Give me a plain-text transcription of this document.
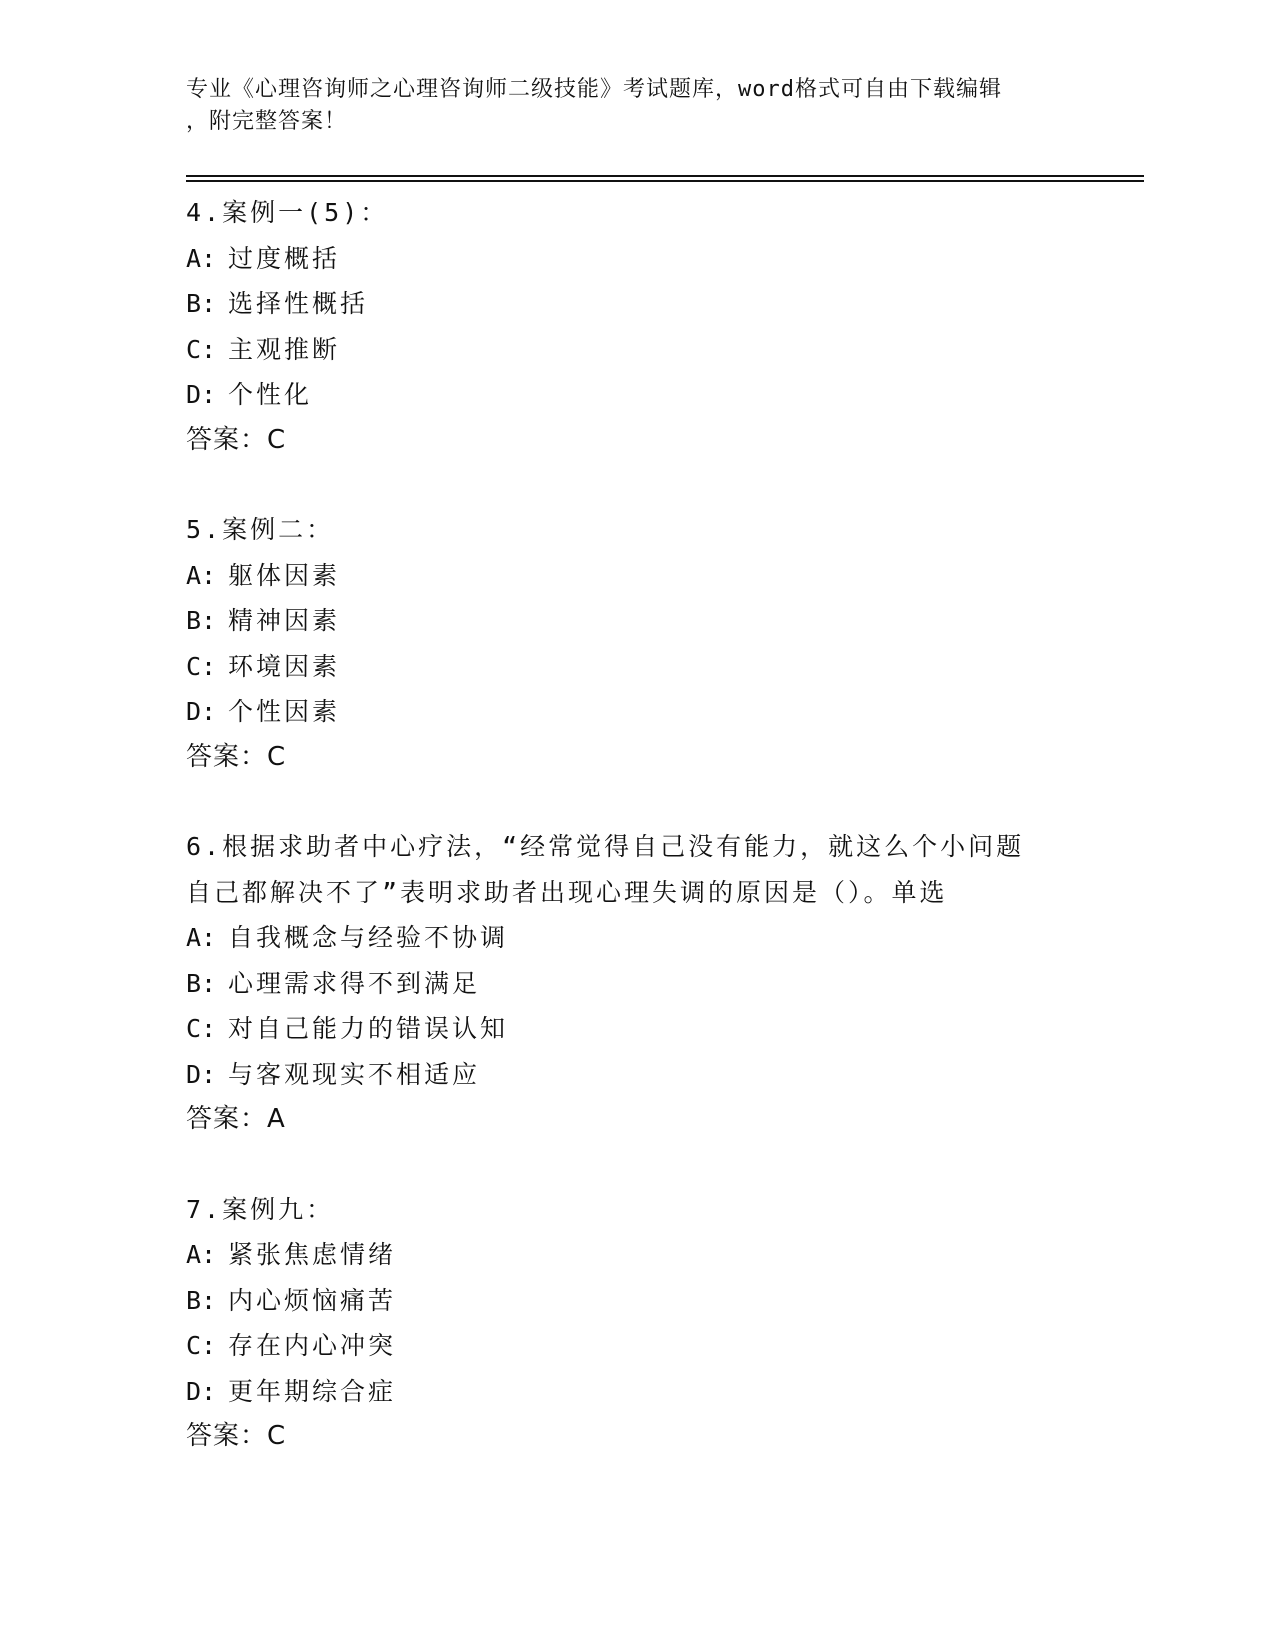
专业《心理咨询师之心理咨询师二级技能》考试题库，word格式可自由下载编辑
，附完整答案！
4.案例一(5)：
A: 过度概括
B: 选择性概括
C: 主观推断
D: 个性化
答案：C
5.案例二：
A: 躯体因素
B: 精神因素
C: 环境因素
D: 个性因素
答案：C
6.根据求助者中心疗法，“经常觉得自己没有能力，就这么个小问题
自己都解决不了”表明求助者出现心理失调的原因是（）。单选
A: 自我概念与经验不协调
B: 心理需求得不到满足
C: 对自己能力的错误认知
D: 与客观现实不相适应
答案：A
7.案例九：
A: 紧张焦虑情绪
B: 内心烦恼痛苦
C: 存在内心冲突
D: 更年期综合症
答案：C
